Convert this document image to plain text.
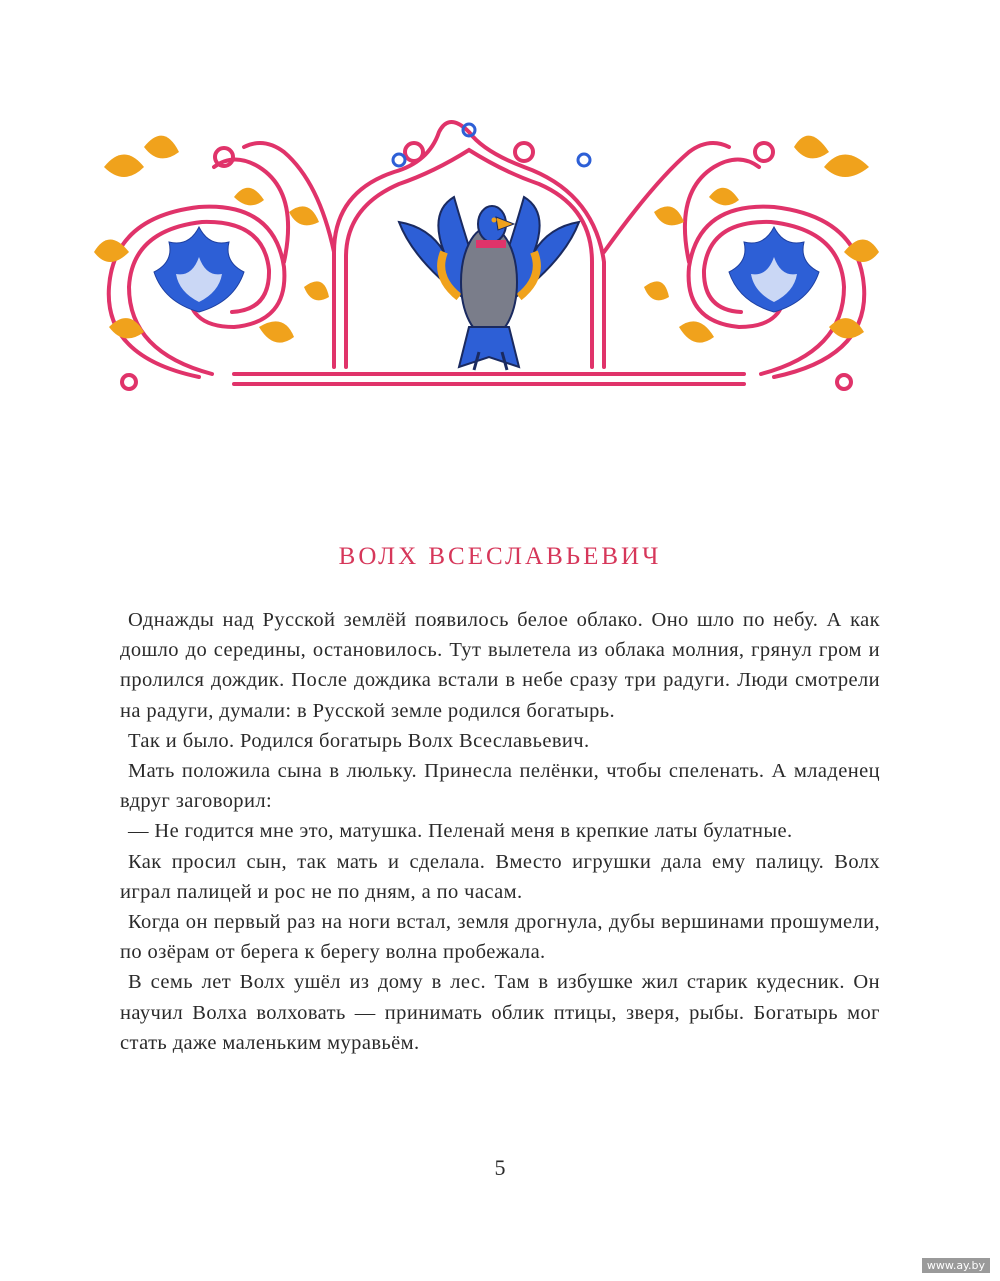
ВОЛХ ВСЕСЛАВЬЕВИЧ

Однажды над Русской землёй появилось белое облако. Оно шло по небу. А как дошло до середины, остановилось. Тут вылетела из облака молния, грянул гром и пролился дождик. После дождика встали в небе сразу три радуги. Люди смотрели на радуги, думали: в Русской земле родился богатырь.

Так и было. Родился богатырь Волх Всеславьевич.

Мать положила сына в люльку. Принесла пелёнки, чтобы спеленать. А младенец вдруг заговорил:

— Не годится мне это, матушка. Пеленай меня в крепкие латы булатные.

Как просил сын, так мать и сделала. Вместо игрушки дала ему палицу. Волх играл палицей и рос не по дням, а по часам.

Когда он первый раз на ноги встал, земля дрогнула, дубы вершинами прошумели, по озёрам от берега к берегу волна пробежала.

В семь лет Волх ушёл из дому в лес. Там в избушке жил старик кудесник. Он научил Волха волховать — принимать облик птицы, зверя, рыбы. Богатырь мог стать даже маленьким муравьём.

5
www.ay.by
